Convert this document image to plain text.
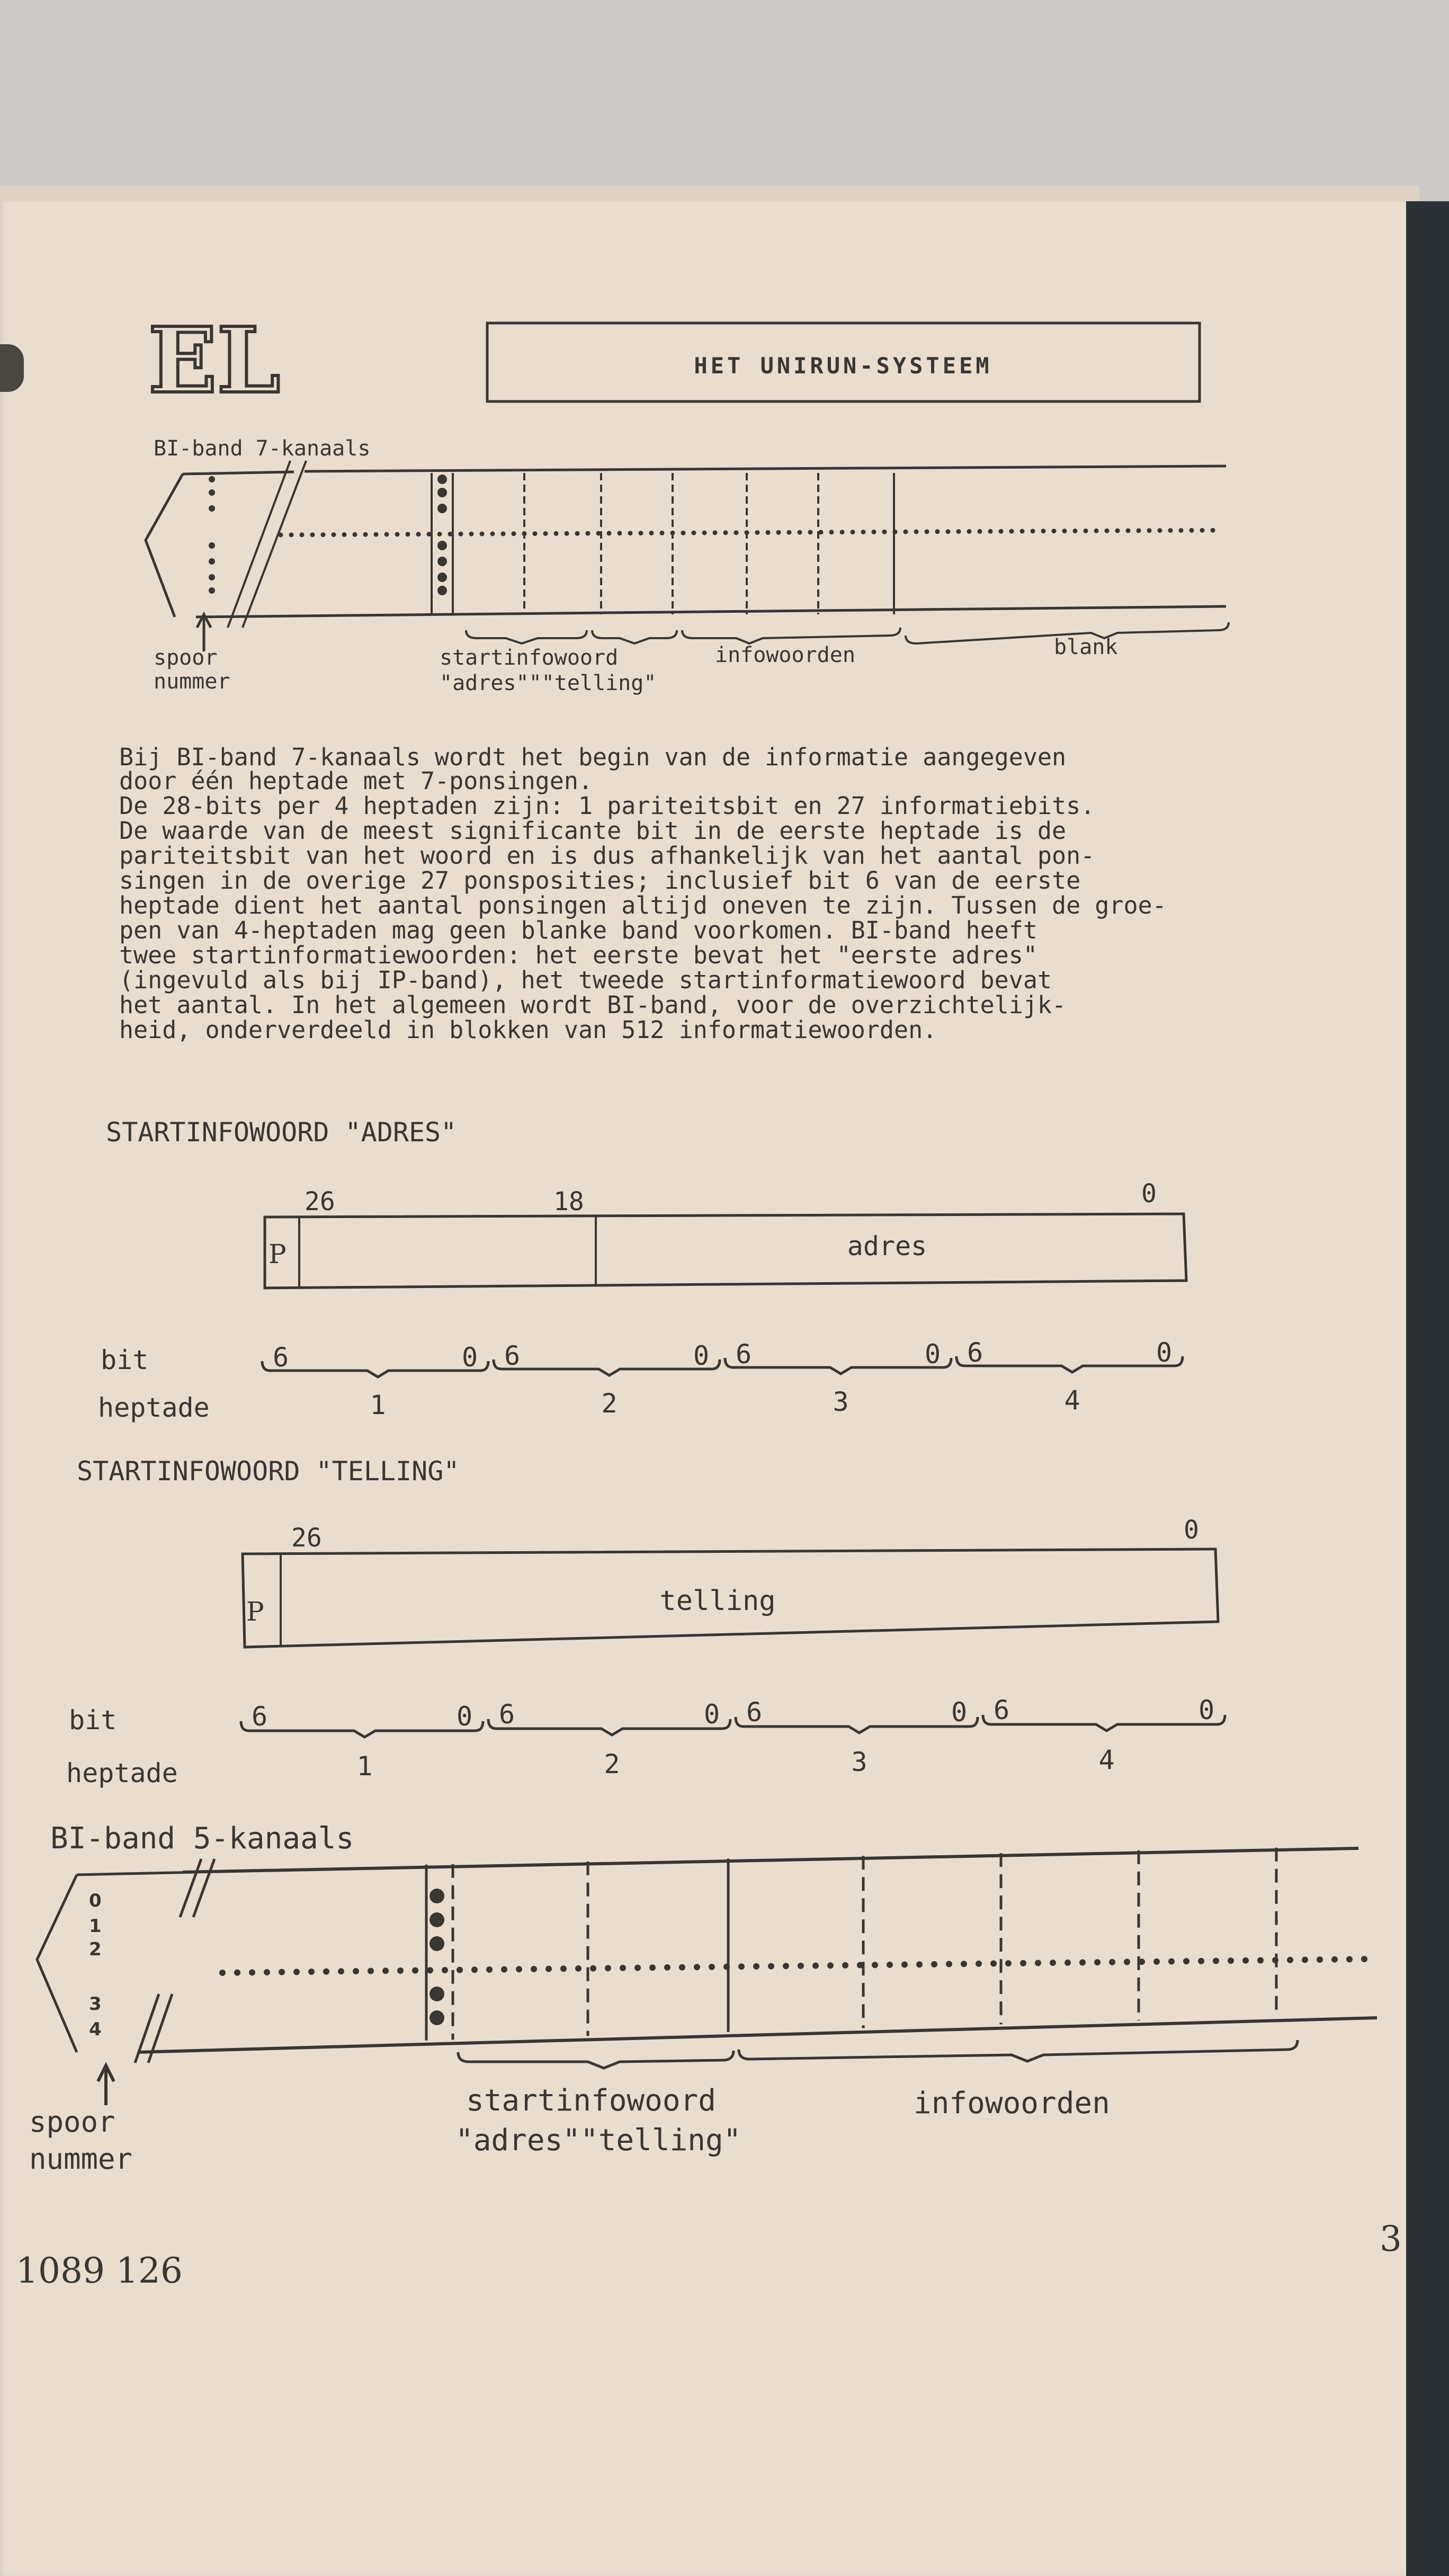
EL	HET UNIRUN-SYSTEEM
BI-band 7-kanaals
spoor
nummer
startinfowoord
"adres"""telling"
infowoorden	blank
Bij BI-band 7-kanaals wordt het begin van de informatie aangegeven
door één heptade met 7-ponsingen.
De 28-bits per 4 heptaden zijn: 1 pariteitsbit en 27 informatiebits.
De waarde van de meest significante bit in de eerste heptade is de
pariteitsbit van het woord en is dus afhankelijk van het aantal pon-
singen in de overige 27 ponsposities; inclusief bit 6 van de eerste
heptade dient het aantal ponsingen altijd oneven te zijn. Tussen de groe-
pen van 4-heptaden mag geen blanke band voorkomen. BI-band heeft
twee startinformatiewoorden: het eerste bevat het "eerste adres"
(ingevuld als bij IP-band), het tweede startinformatiewoord bevat
het aantal. In het algemeen wordt BI-band, voor de overzichtelijk-
heid, onderverdeeld in blokken van 512 informatiewoorden.
STARTINFOWOORD "ADRES"
26	18	0
P	adres
bit
heptade
6	0
1
6	0
2
6	0
3
6	0
4
STARTINFOWOORD "TELLING"
26	0
P	telling
bit
heptade
6	0
1
6	0
2
6	0
3
6	0
4
BI-band 5-kanaals
0
1
2
3
4
spoor
nummer
startinfowoord
"adres""telling"
infowoorden
1089 126
3
